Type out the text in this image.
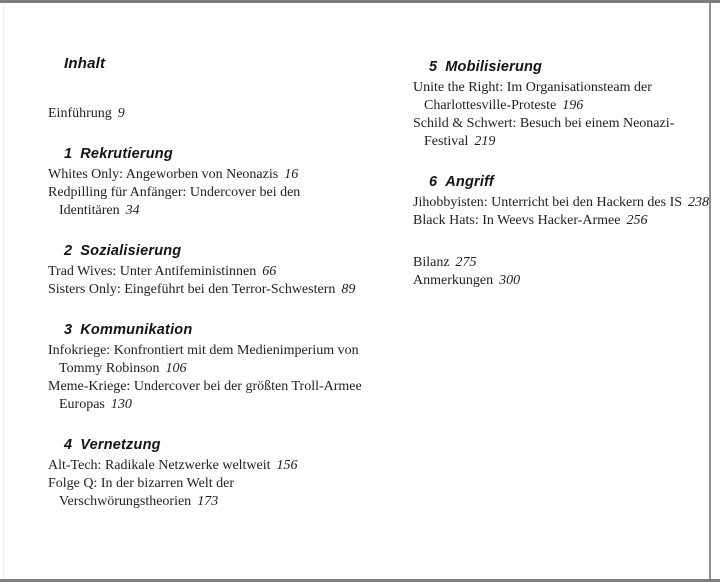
Inhalt
Einführung 9
1 Rekrutierung
Whites Only: Angeworben von Neonazis 16
Redpilling für Anfänger: Undercover bei den
Identitären 34
2 Sozialisierung
Trad Wives: Unter Antifeministinnen 66
Sisters Only: Eingeführt bei den Terror-Schwestern 89
3 Kommunikation
Infokriege: Konfrontiert mit dem Medienimperium von
Tommy Robinson 106
Meme-Kriege: Undercover bei der größten Troll-Armee
Europas 130
4 Vernetzung
Alt-Tech: Radikale Netzwerke weltweit 156
Folge Q: In der bizarren Welt der
Verschwörungstheorien 173
5 Mobilisierung
Unite the Right: Im Organisationsteam der
Charlottesville-Proteste 196
Schild & Schwert: Besuch bei einem Neonazi-
Festival 219
6 Angriff
Jihobbyisten: Unterricht bei den Hackern des IS 238
Black Hats: In Weevs Hacker-Armee 256
Bilanz 275
Anmerkungen 300
